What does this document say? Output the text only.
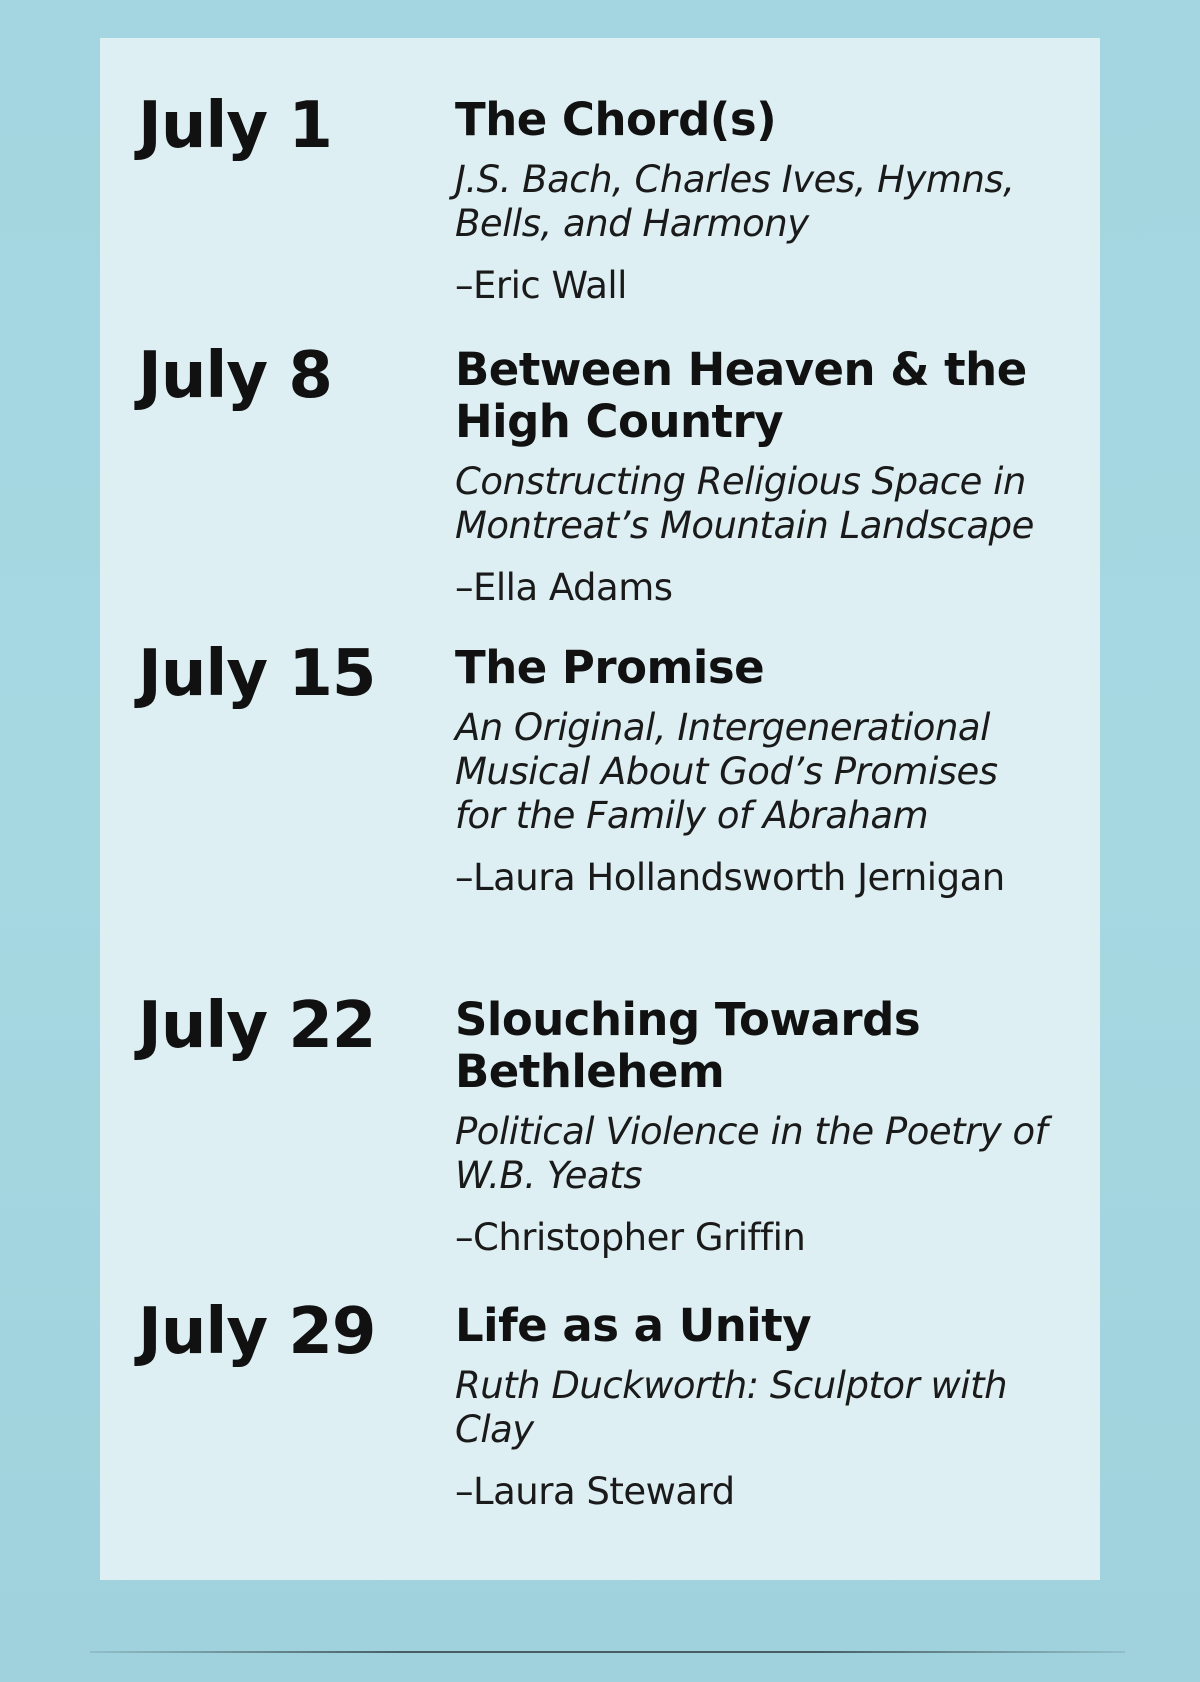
July 1	The Chord(s)
J.S. Bach, Charles Ives, Hymns, Bells, and Harmony
–Eric Wall
July 8	Between Heaven & the High Country
Constructing Religious Space in Montreat’s Mountain Landscape
–Ella Adams
July 15 The Promise
An Original, Intergenerational Musical About God’s Promises for the Family of Abraham
–Laura Hollandsworth Jernigan
July 22 Slouching Towards Bethlehem
Political Violence in the Poetry of W.B. Yeats
–Christopher Griffin
July 29 Life as a Unity
Ruth Duckworth: Sculptor with Clay
–Laura Steward
